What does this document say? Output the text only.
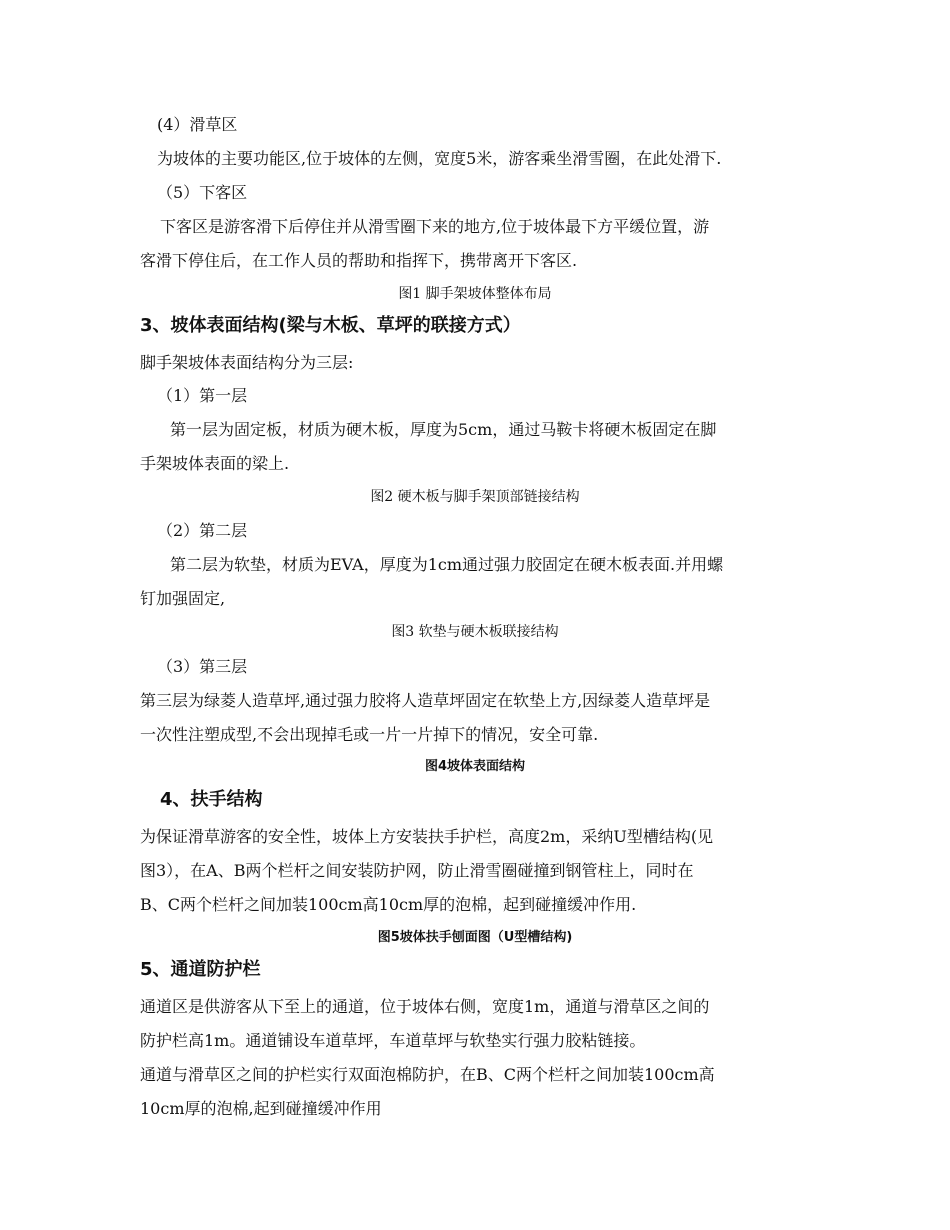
(4）滑草区
为坡体的主要功能区,位于坡体的左侧，宽度5米，游客乘坐滑雪圈，在此处滑下.
（5）下客区
下客区是游客滑下后停住并从滑雪圈下来的地方,位于坡体最下方平缓位置，游
客滑下停住后，在工作人员的帮助和指挥下，携带离开下客区.
图1 脚手架坡体整体布局
3、坡体表面结构(梁与木板、草坪的联接方式）
脚手架坡体表面结构分为三层:
（1）第一层
第一层为固定板，材质为硬木板，厚度为5cm，通过马鞍卡将硬木板固定在脚
手架坡体表面的梁上.
图2 硬木板与脚手架顶部链接结构
（2）第二层
第二层为软垫，材质为EVA，厚度为1cm通过强力胶固定在硬木板表面.并用螺
钉加强固定,
图3 软垫与硬木板联接结构
（3）第三层
第三层为绿菱人造草坪,通过强力胶将人造草坪固定在软垫上方,因绿菱人造草坪是
一次性注塑成型,不会出现掉毛或一片一片掉下的情况，安全可靠.
图4坡体表面结构
4、扶手结构
为保证滑草游客的安全性，坡体上方安装扶手护栏，高度2m，采纳U型槽结构(见
图3），在A、B两个栏杆之间安装防护网，防止滑雪圈碰撞到钢管柱上，同时在
B、C两个栏杆之间加装100cm高10cm厚的泡棉，起到碰撞缓冲作用.
图5坡体扶手刨面图（U型槽结构)
5、通道防护栏
通道区是供游客从下至上的通道，位于坡体右侧，宽度1m，通道与滑草区之间的
防护栏高1m。通道铺设车道草坪，车道草坪与软垫实行强力胶粘链接。
通道与滑草区之间的护栏实行双面泡棉防护，在B、C两个栏杆之间加装100cm高
10cm厚的泡棉,起到碰撞缓冲作用
